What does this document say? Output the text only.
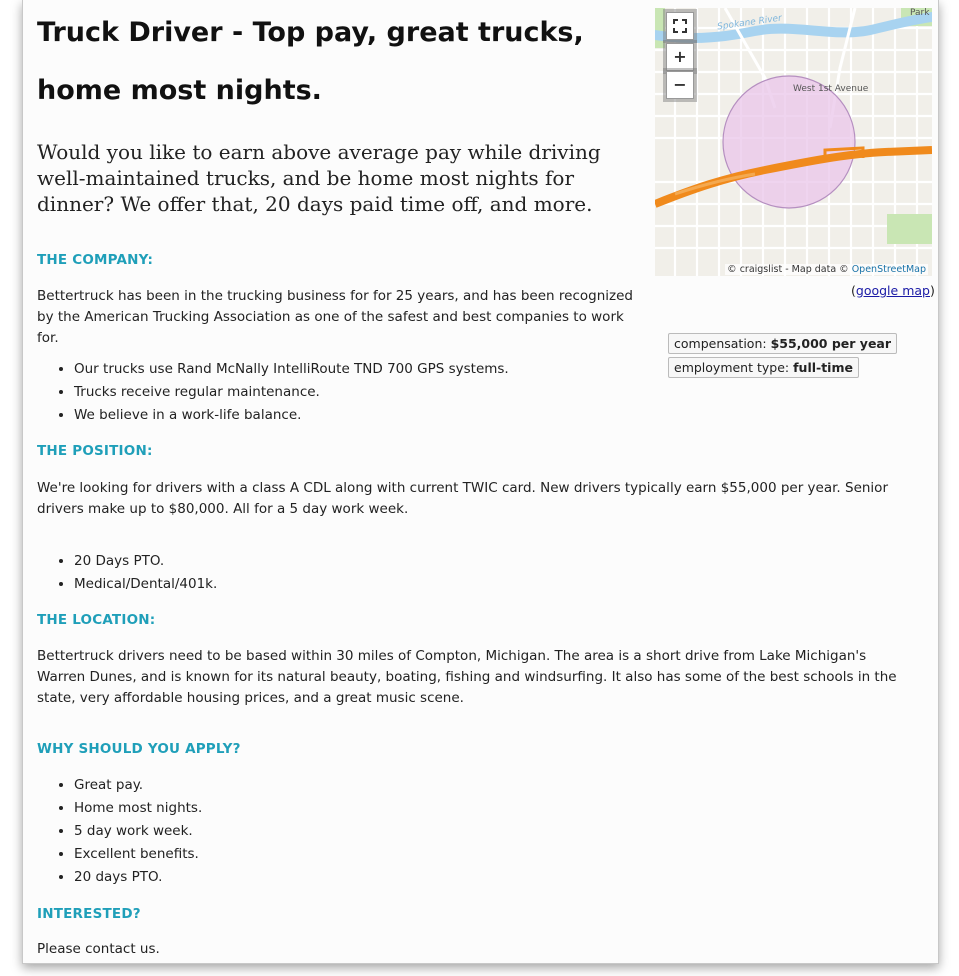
Truck Driver - Top pay, great trucks, home most nights.

Would you like to earn above average pay while driving well-maintained trucks, and be home most nights for dinner? We offer that, 20 days paid time off, and more.

Spokane River
West 1st Avenue
Park
+
−
© craigslist - Map data © OpenStreetMap

(google map)

compensation: $55,000 per year
employment type: full-time
THE COMPANY:

Bettertruck has been in the trucking business for for 25 years, and has been recognized by the American Trucking Association as one of the safest and best companies to work for.

• Our trucks use Rand McNally IntelliRoute TND 700 GPS systems.
• Trucks receive regular maintenance.
• We believe in a work-life balance.
THE POSITION:

We're looking for drivers with a class A CDL along with current TWIC card. New drivers typically earn $55,000 per year. Senior drivers make up to $80,000. All for a 5 day work week.

• 20 Days PTO.
• Medical/Dental/401k.
THE LOCATION:

Bettertruck drivers need to be based within 30 miles of Compton, Michigan. The area is a short drive from Lake Michigan's Warren Dunes, and is known for its natural beauty, boating, fishing and windsurfing. It also has some of the best schools in the state, very affordable housing prices, and a great music scene.

WHY SHOULD YOU APPLY?
• Great pay.
• Home most nights.
• 5 day work week.
• Excellent benefits.
• 20 days PTO.
INTERESTED?

Please contact us.
